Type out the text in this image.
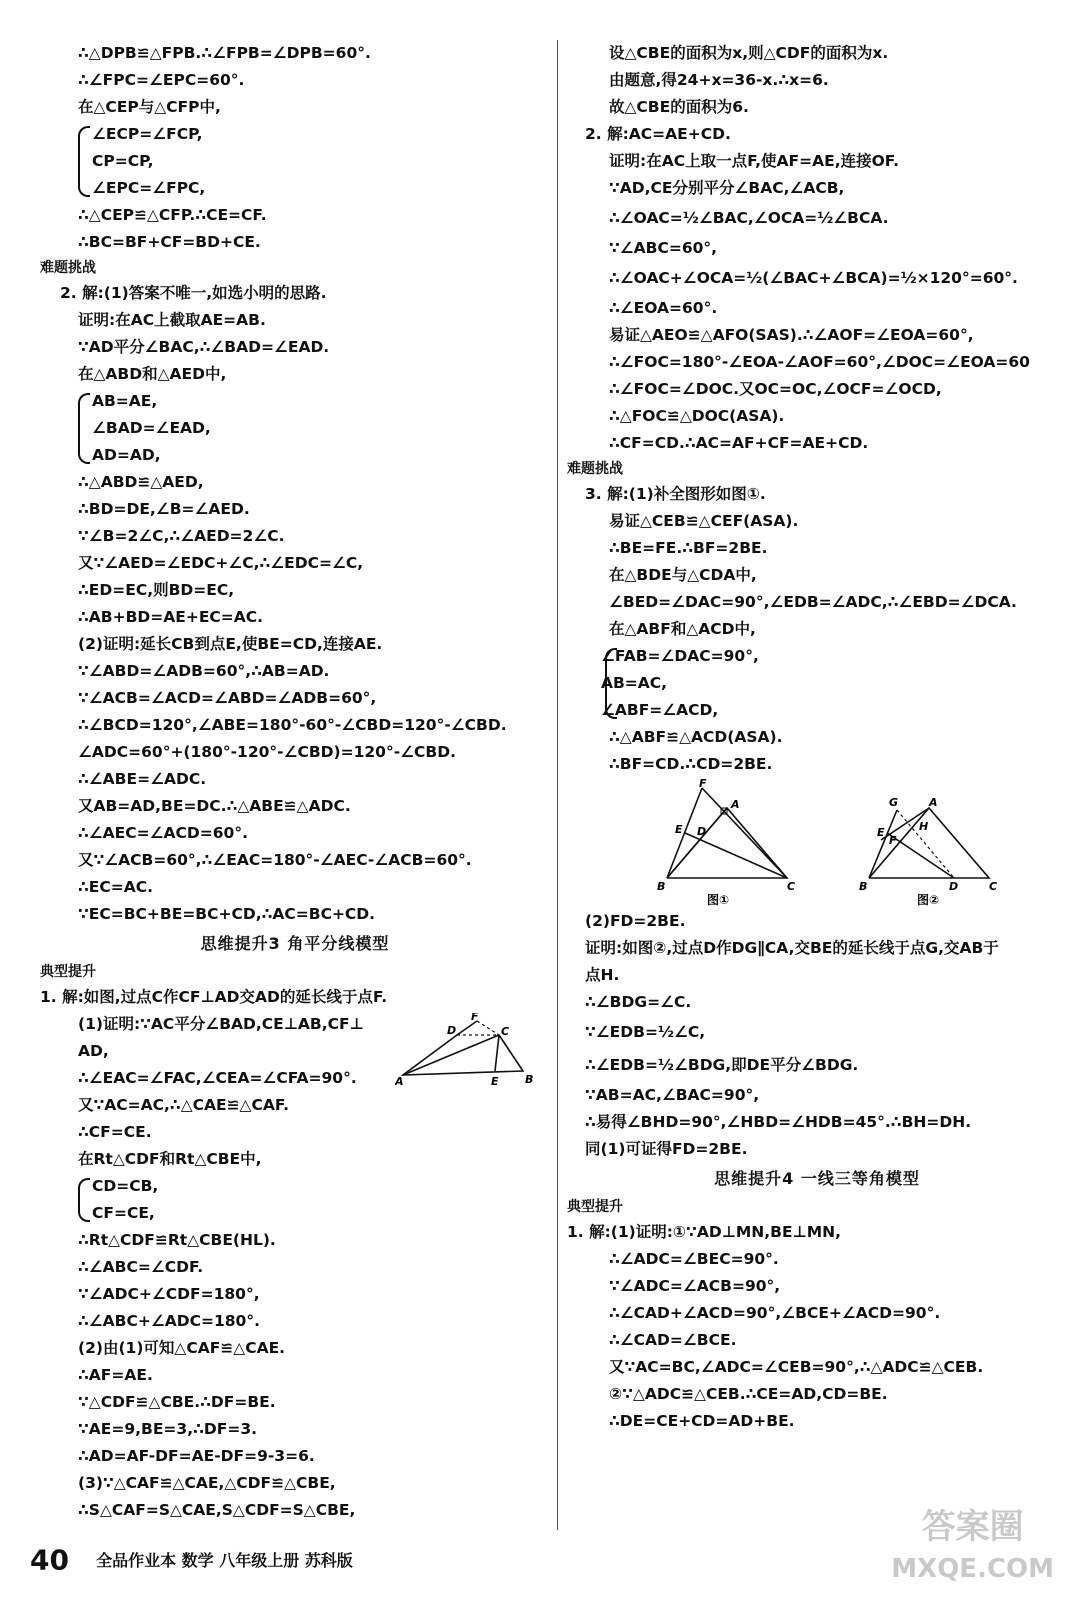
∴△DPB≌△FPB.∴∠FPB=∠DPB=60°.
∴∠FPC=∠EPC=60°.
在△CEP与△CFP中,
∠ECP=∠FCP,
CP=CP,
∠EPC=∠FPC,
∴△CEP≌△CFP.∴CE=CF.
∴BC=BF+CF=BD+CE.
难题挑战
2. 解:(1)答案不唯一,如选小明的思路.
证明:在AC上截取AE=AB.
∵AD平分∠BAC,∴∠BAD=∠EAD.
在△ABD和△AED中,
AB=AE,
∠BAD=∠EAD,
AD=AD,
∴△ABD≌△AED,
∴BD=DE,∠B=∠AED.
∵∠B=2∠C,∴∠AED=2∠C.
又∵∠AED=∠EDC+∠C,∴∠EDC=∠C,
∴ED=EC,则BD=EC,
∴AB+BD=AE+EC=AC.
(2)证明:延长CB到点E,使BE=CD,连接AE.
∵∠ABD=∠ADB=60°,∴AB=AD.
∵∠ACB=∠ACD=∠ABD=∠ADB=60°,
∴∠BCD=120°,∠ABE=180°-60°-∠CBD=120°-∠CBD.
∠ADC=60°+(180°-120°-∠CBD)=120°-∠CBD.
∴∠ABE=∠ADC.
又AB=AD,BE=DC.∴△ABE≌△ADC.
∴∠AEC=∠ACD=60°.
又∵∠ACB=60°,∴∠EAC=180°-∠AEC-∠ACB=60°.
∴EC=AC.
∵EC=BC+BE=BC+CD,∴AC=BC+CD.
思维提升3 角平分线模型
典型提升
1. 解:如图,过点C作CF⊥AD交AD的延长线于点F.
F
D	C
A	E B
(1)证明:∵AC平分∠BAD,CE⊥AB,CF⊥
AD,
∴∠EAC=∠FAC,∠CEA=∠CFA=90°.
又∵AC=AC,∴△CAE≌△CAF.
∴CF=CE.
在Rt△CDF和Rt△CBE中,
CD=CB,
CF=CE,
∴Rt△CDF≌Rt△CBE(HL).
∴∠ABC=∠CDF.
∵∠ADC+∠CDF=180°,
∴∠ABC+∠ADC=180°.
(2)由(1)可知△CAF≌△CAE.
∴AF=AE.
∵△CDF≌△CBE.∴DF=BE.
∵AE=9,BE=3,∴DF=3.
∴AD=AF-DF=AE-DF=9-3=6.
(3)∵△CAF≌△CAE,△CDF≌△CBE,
∴S△CAF=S△CAE,S△CDF=S△CBE,
设△CBE的面积为x,则△CDF的面积为x.
由题意,得24+x=36-x.∴x=6.
故△CBE的面积为6.
2. 解:AC=AE+CD.
证明:在AC上取一点F,使AF=AE,连接OF.
∵AD,CE分别平分∠BAC,∠ACB,
∴∠OAC=½∠BAC,∠OCA=½∠BCA.
∵∠ABC=60°,
∴∠OAC+∠OCA=½(∠BAC+∠BCA)=½×120°=60°.
∴∠EOA=60°.
易证△AEO≌△AFO(SAS).∴∠AOF=∠EOA=60°,
∴∠FOC=180°-∠EOA-∠AOF=60°,∠DOC=∠EOA=60
∴∠FOC=∠DOC.又OC=OC,∠OCF=∠OCD,
∴△FOC≌△DOC(ASA).
∴CF=CD.∴AC=AF+CF=AE+CD.
难题挑战
3. 解:(1)补全图形如图①.
易证△CEB≌△CEF(ASA).
∴BE=FE.∴BF=2BE.
在△BDE与△CDA中,
∠BED=∠DAC=90°,∠EDB=∠ADC,∴∠EBD=∠DCA.
在△ABF和△ACD中,
∠FAB=∠DAC=90°,
AB=AC,
∠ABF=∠ACD,
∴△ABF≌△ACD(ASA).
∴BF=CD.∴CD=2BE.
F
A
E D
B	C
图①
G	A
H
E
F
B	D	C
图②
(2)FD=2BE.
证明:如图②,过点D作DG∥CA,交BE的延长线于点G,交AB于
点H.
∴∠BDG=∠C.
∵∠EDB=½∠C,
∴∠EDB=½∠BDG,即DE平分∠BDG.
∵AB=AC,∠BAC=90°,
∴易得∠BHD=90°,∠HBD=∠HDB=45°.∴BH=DH.
同(1)可证得FD=2BE.
思维提升4 一线三等角模型
典型提升
1. 解:(1)证明:①∵AD⊥MN,BE⊥MN,
∴∠ADC=∠BEC=90°.
∵∠ADC=∠ACB=90°,
∴∠CAD+∠ACD=90°,∠BCE+∠ACD=90°.
∴∠CAD=∠BCE.
又∵AC=BC,∠ADC=∠CEB=90°,∴△ADC≌△CEB.
②∵△ADC≌△CEB.∴CE=AD,CD=BE.
∴DE=CE+CD=AD+BE.
40 全品作业本 数学 八年级上册 苏科版
答案圈
MXQE.COM
